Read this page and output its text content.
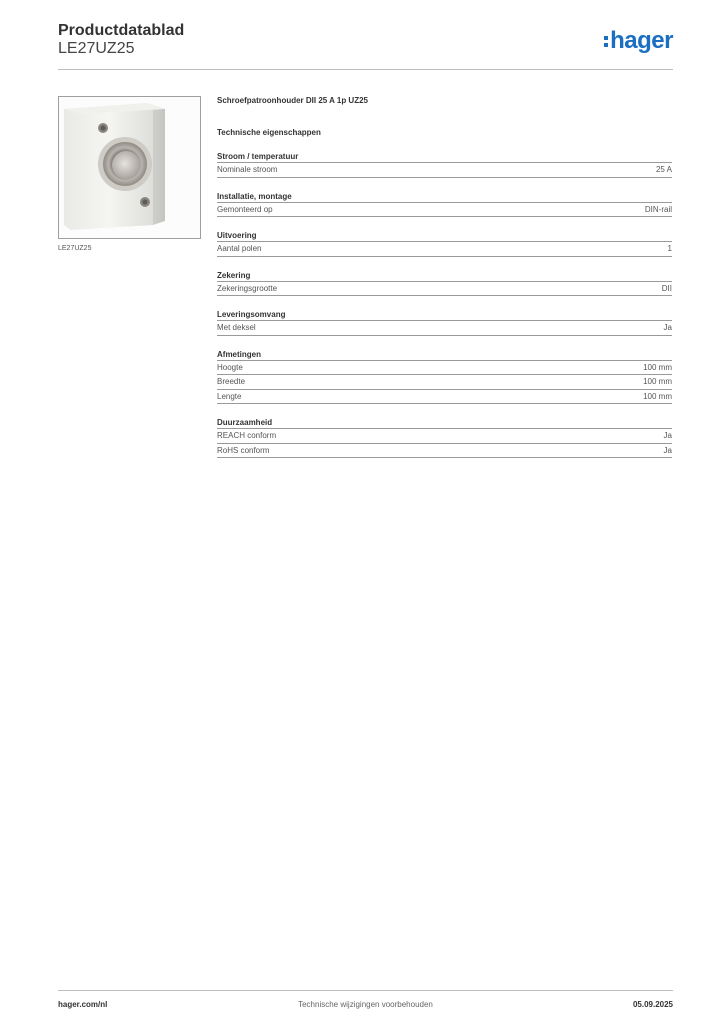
Productdatablad
LE27UZ25	hager
LE27UZ25
Schroefpatroonhouder DII 25 A 1p UZ25
Technische eigenschappen
Stroom / temperatuur
Nominale stroom	25 A
Installatie, montage
Gemonteerd op	DIN-rail
Uitvoering
Aantal polen	1
Zekering
Zekeringsgrootte	DII
Leveringsomvang
Met deksel	Ja
Afmetingen
Hoogte	100 mm
Breedte	100 mm
Lengte	100 mm
Duurzaamheid
REACH conform	Ja
RoHS conform	Ja
hager.com/nl	Technische wijzigingen voorbehouden	05.09.2025
